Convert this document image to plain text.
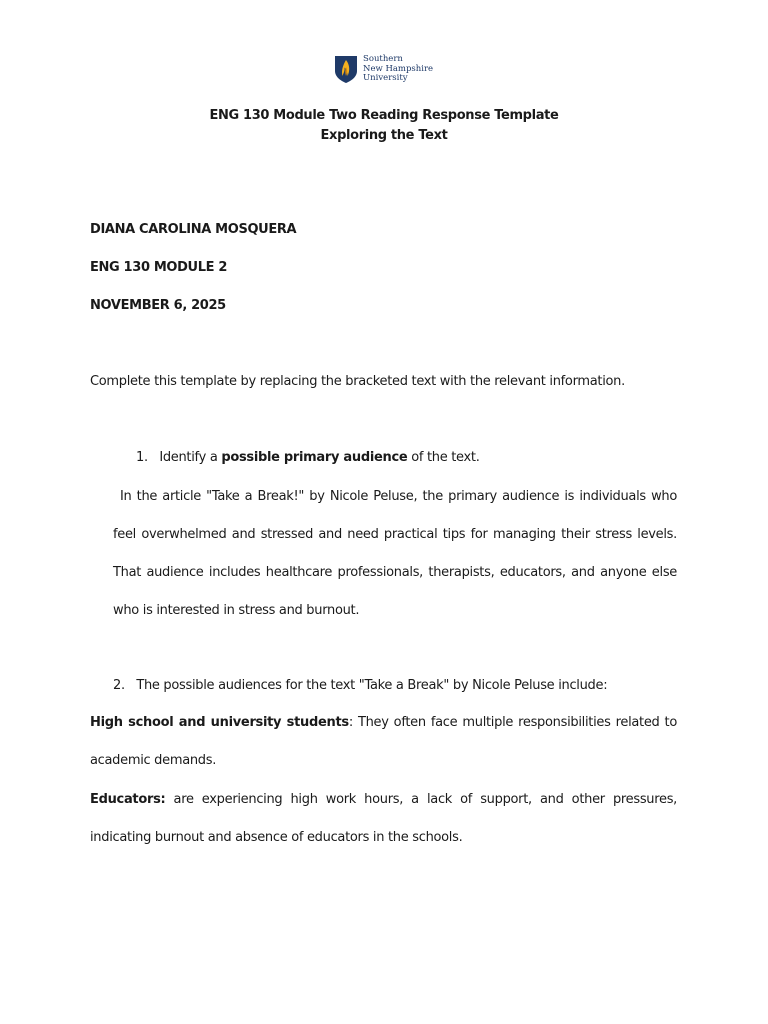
Southern
New Hampshire
University
ENG 130 Module Two Reading Response Template
Exploring the Text
DIANA CAROLINA MOSQUERA
ENG 130 MODULE 2
NOVEMBER 6, 2025

Complete this template by replacing the bracketed text with the relevant information.

1. Identify a possible primary audience of the text.

In the article "Take a Break!" by Nicole Peluse, the primary audience is individuals who feel overwhelmed and stressed and need practical tips for managing their stress levels. That audience includes healthcare professionals, therapists, educators, and anyone else who is interested in stress and burnout.

2. The possible audiences for the text "Take a Break" by Nicole Peluse include:

High school and university students: They often face multiple responsibilities related to academic demands.

Educators: are experiencing high work hours, a lack of support, and other pressures, indicating burnout and absence of educators in the schools.
